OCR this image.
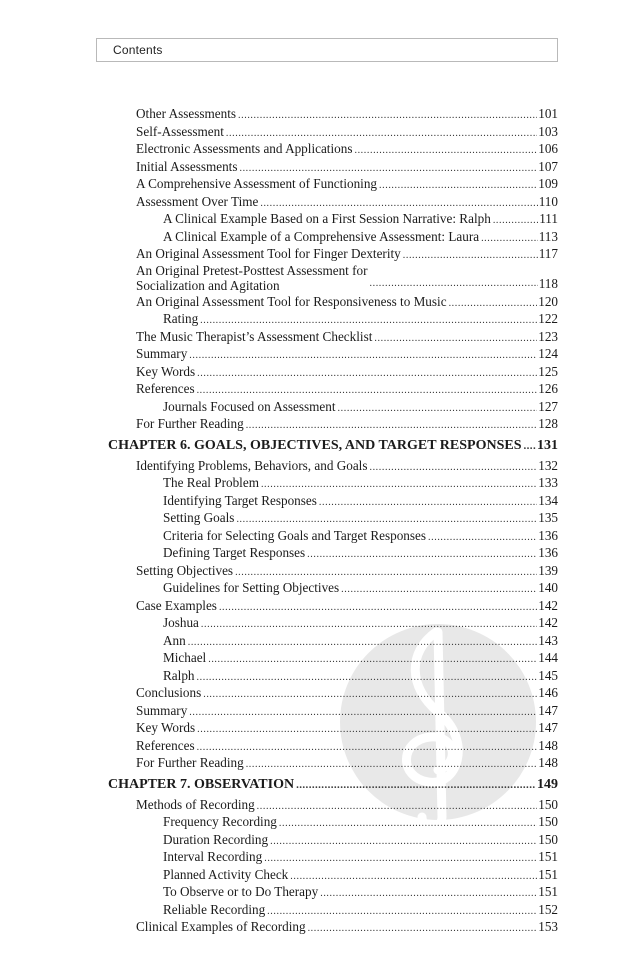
Contents
Other Assessments .....	101
Self-Assessment .....	103
Electronic Assessments and Applications .....	106
Initial Assessments .....	107
A Comprehensive Assessment of Functioning .....	109
Assessment Over Time .....	110
A Clinical Example Based on a First Session Narrative: Ralph .....	111
A Clinical Example of a Comprehensive Assessment: Laura .....	113
An Original Assessment Tool for Finger Dexterity .....	117
An Original Pretest-Posttest Assessment for
Socialization and Agitation .....	118
An Original Assessment Tool for Responsiveness to Music .....	120
Rating .....	122
The Music Therapist’s Assessment Checklist .....	123
Summary .....	124
Key Words .....	125
References .....	126
Journals Focused on Assessment .....	127
For Further Reading .....	128
CHAPTER 6. GOALS, OBJECTIVES, AND TARGET RESPONSES ..... 131
Identifying Problems, Behaviors, and Goals .....	132
The Real Problem .....	133
Identifying Target Responses .....	134
Setting Goals .....	135
Criteria for Selecting Goals and Target Responses .....	136
Defining Target Responses .....	136
Setting Objectives .....	139
Guidelines for Setting Objectives .....	140
Case Examples .....	142
Joshua .....	142
Ann .....	143
Michael .....	144
Ralph .....	145
Conclusions .....	146
Summary .....	147
Key Words .....	147
References .....	148
For Further Reading .....	148
CHAPTER 7. OBSERVATION .....	149
Methods of Recording .....	150
Frequency Recording .....	150
Duration Recording .....	150
Interval Recording .....	151
Planned Activity Check .....	151
To Observe or to Do Therapy .....	151
Reliable Recording .....	152
Clinical Examples of Recording .....	153
